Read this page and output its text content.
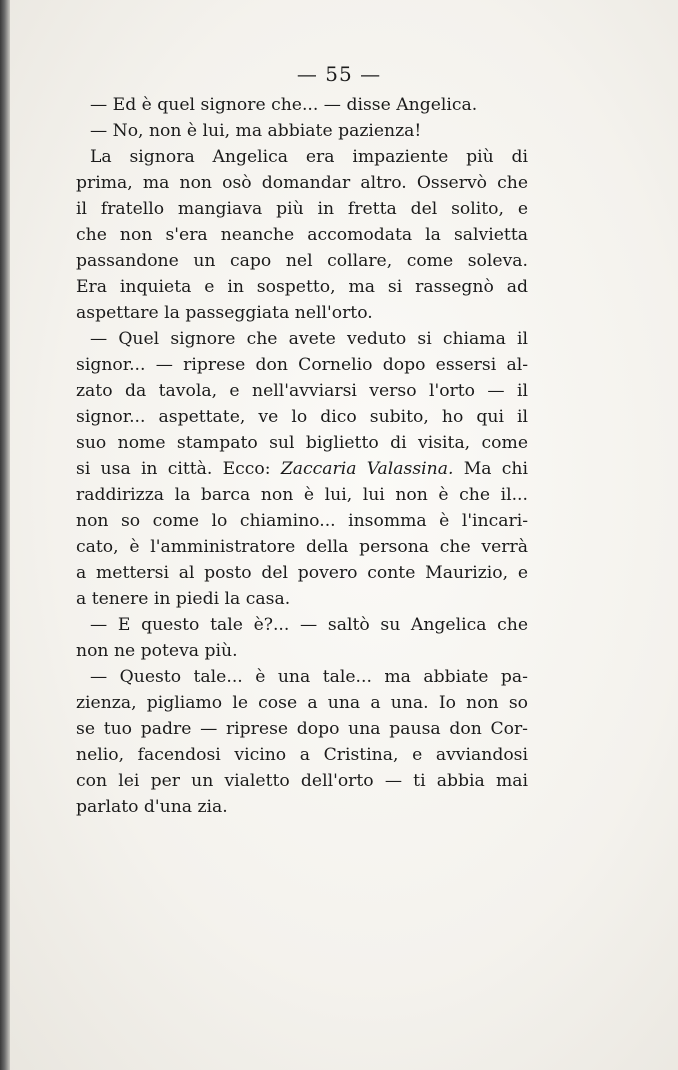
— 55 —
— Ed è quel signore che... — disse Angelica.
— No, non è lui, ma abbiate pazienza!
La signora Angelica era impaziente più di
prima, ma non osò domandar altro. Osservò che
il fratello mangiava più in fretta del solito, e
che non s'era neanche accomodata la salvietta
passandone un capo nel collare, come soleva.
Era inquieta e in sospetto, ma si rassegnò ad
aspettare la passeggiata nell'orto.
— Quel signore che avete veduto si chiama il
signor... — riprese don Cornelio dopo essersi al-
zato da tavola, e nell'avviarsi verso l'orto — il
signor... aspettate, ve lo dico subito, ho qui il
suo nome stampato sul biglietto di visita, come
si usa in città. Ecco: Zaccaria Valassina. Ma chi
raddirizza la barca non è lui, lui non è che il...
non so come lo chiamino... insomma è l'incari-
cato, è l'amministratore della persona che verrà
a mettersi al posto del povero conte Maurizio, e
a tenere in piedi la casa.
— E questo tale è?... — saltò su Angelica che
non ne poteva più.
— Questo tale... è una tale... ma abbiate pa-
zienza, pigliamo le cose a una a una. Io non so
se tuo padre — riprese dopo una pausa don Cor-
nelio, facendosi vicino a Cristina, e avviandosi
con lei per un vialetto dell'orto — ti abbia mai
parlato d'una zia.
